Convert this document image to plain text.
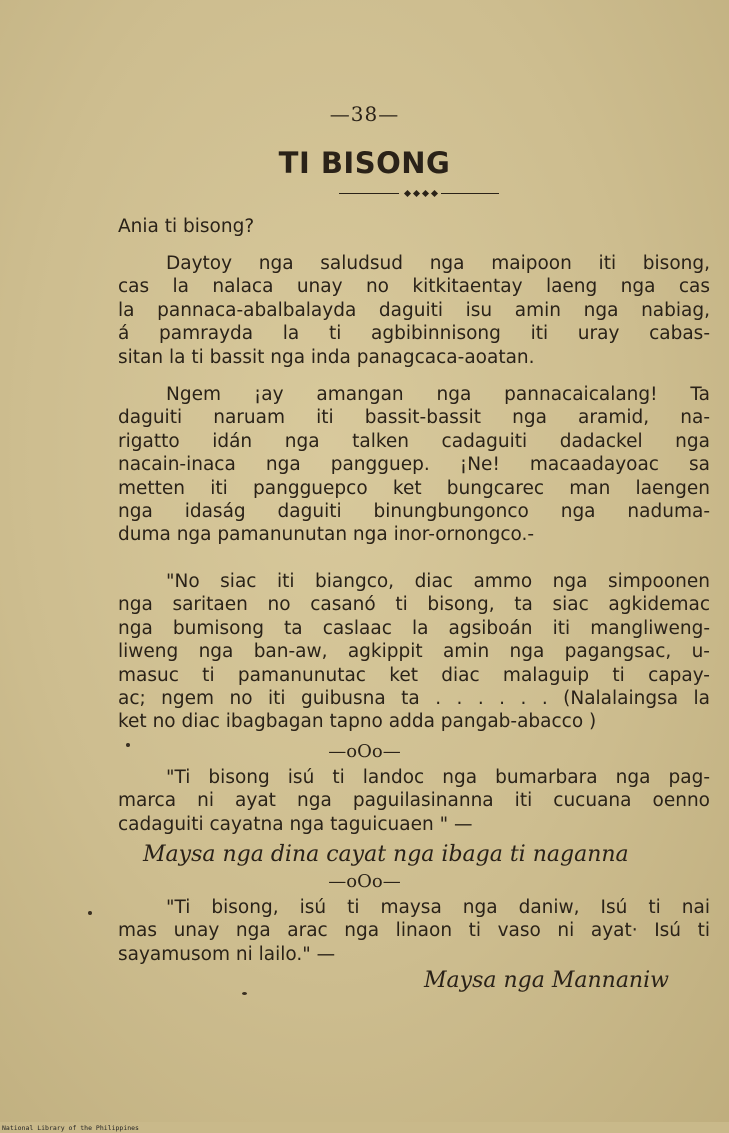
—38—
TI BISONG
Ania ti bisong?
Daytoy nga saludsud nga maipoon iti bisong,
cas la nalaca unay no kitkitaentay laeng nga cas
la pannaca-abalbalayda daguiti isu amin nga nabiag,
á pamrayda la ti agbibinnisong iti uray cabas-
sitan la ti bassit nga inda panagcaca-aoatan.
Ngem ¡ay amangan nga pannacaicalang! Ta
daguiti naruam iti bassit-bassit nga aramid, na-
rigatto idán nga talken cadaguiti dadackel nga
nacain-inaca nga pangguep. ¡Ne! macaadayoac sa
metten iti pangguepco ket bungcarec man laengen
nga idaság daguiti binungbungonco nga naduma-
duma nga pamanunutan nga inor-ornongco.-
"No siac iti biangco, diac ammo nga simpoonen
nga saritaen no casanó ti bisong, ta siac agkidemac
nga bumisong ta caslaac la agsiboán iti mangliweng-
liweng nga ban-aw, agkippit amin nga pagangsac, u-
masuc ti pamanunutac ket diac malaguip ti capay-
ac; ngem no iti guibusna ta . . . . . . (Nalalaingsa la
ket no diac ibagbagan tapno adda pangab-abacco )
—oOo—
"Ti bisong isú ti landoc nga bumarbara nga pag-
marca ni ayat nga paguilasinanna iti cucuana oenno
cadaguiti cayatna nga taguicuaen " —
Maysa nga dina cayat nga ibaga ti naganna
—oOo—
"Ti bisong, isú ti maysa nga daniw, Isú ti nai
mas unay nga arac nga linaon ti vaso ni ayat· Isú ti
sayamusom ni lailo." —
Maysa nga Mannaniw
National Library of the Philippines
